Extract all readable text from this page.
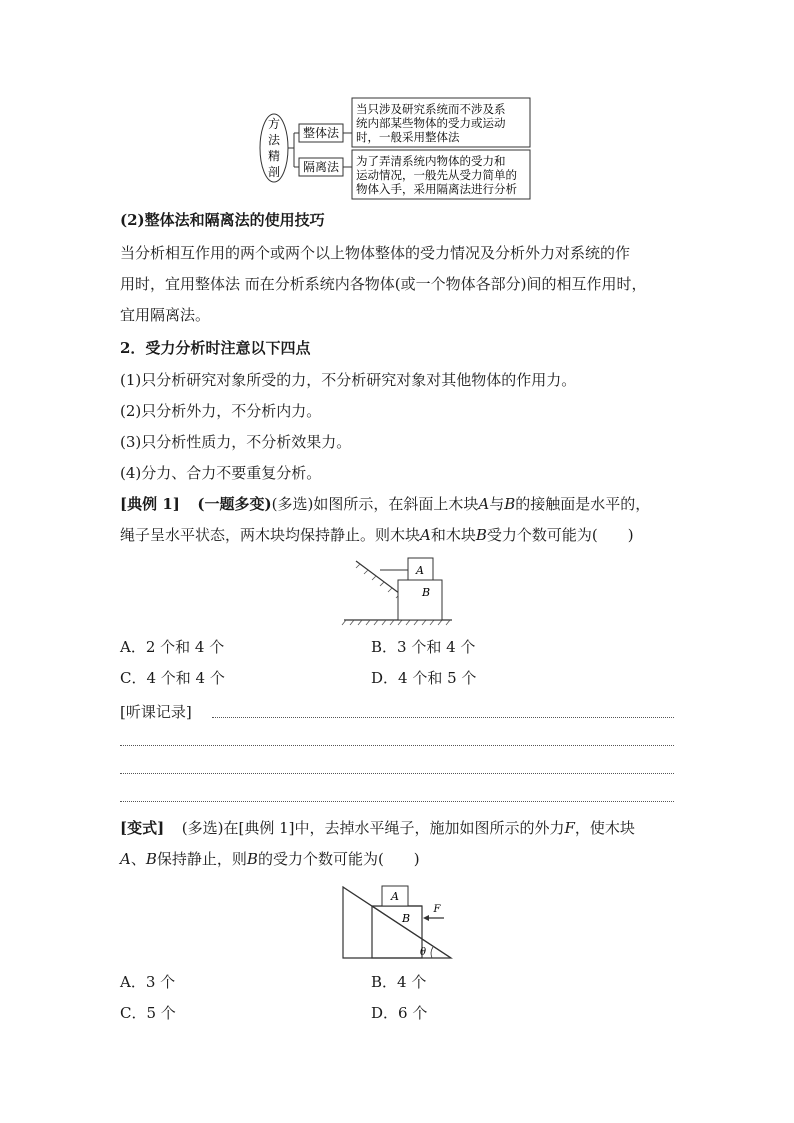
方
法
精
剖
整体法
隔离法
当只涉及研究系统而不涉及系
统内部某些物体的受力或运动
时，一般采用整体法
为了弄清系统内物体的受力和
运动情况，一般先从受力简单的
物体入手，采用隔离法进行分析
(2)整体法和隔离法的使用技巧
当分析相互作用的两个或两个以上物体整体的受力情况及分析外力对系统的作
用时，宜用整体法 而在分析系统内各物体(或一个物体各部分)间的相互作用时，
宜用隔离法。
2．受力分析时注意以下四点
(1)只分析研究对象所受的力，不分析研究对象对其他物体的作用力。
(2)只分析外力，不分析内力。
(3)只分析性质力，不分析效果力。
(4)分力、合力不要重复分析。
[典例 1] (一题多变)(多选)如图所示，在斜面上木块A与B的接触面是水平的，
绳子呈水平状态，两木块均保持静止。则木块A和木块B受力个数可能为(　　)
A
B
A．2 个和 4 个	B．3 个和 4 个
C．4 个和 4 个	D．4 个和 5 个
[听课记录]
[变式] (多选)在[典例 1]中，去掉水平绳子，施加如图所示的外力F，使木块
A、B保持静止，则B的受力个数可能为(　　)
A
B
F
θ
A．3 个	B．4 个
C．5 个	D．6 个
